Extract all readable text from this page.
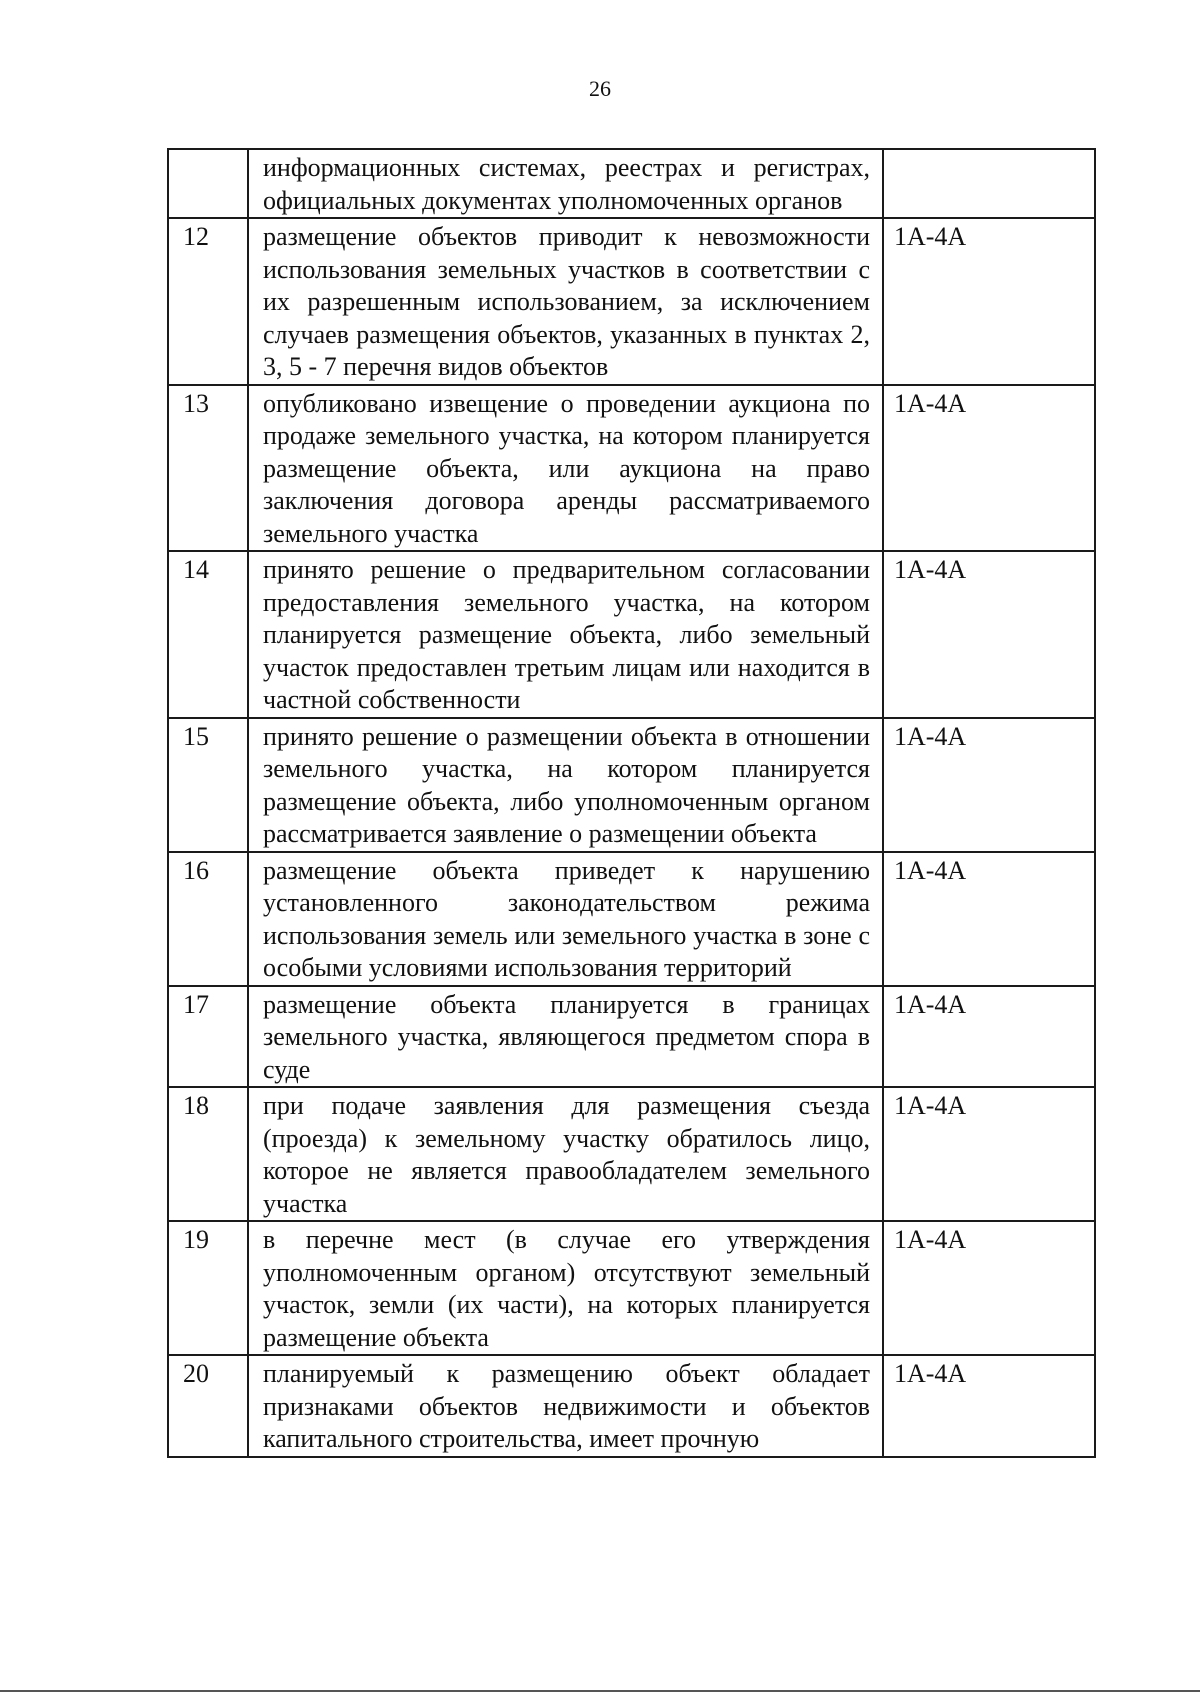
26
	информационных системах, реестрах и регистрах, официальных документах уполномоченных органов	
12	размещение объектов приводит к невозможности использования земельных участков в соответствии с их разрешенным использованием, за исключением случаев размещения объектов, указанных в пунктах 2, 3, 5 - 7 перечня видов объектов	1А-4А
13	опубликовано извещение о проведении аукциона по продаже земельного участка, на котором планируется размещение объекта, или аукциона на право заключения договора аренды рассматриваемого земельного участка	1А-4А
14	принято решение о предварительном согласовании предоставления земельного участка, на котором планируется размещение объекта, либо земельный участок предоставлен третьим лицам или находится в частной собственности	1А-4А
15	принято решение о размещении объекта в отношении земельного участка, на котором планируется размещение объекта, либо уполномоченным органом рассматривается заявление о размещении объекта	1А-4А
16	размещение объекта приведет к нарушению установленного законодательством режима использования земель или земельного участка в зоне с особыми условиями использования территорий	1А-4А
17	размещение объекта планируется в границах земельного участка, являющегося предметом спора в суде	1А-4А
18	при подаче заявления для размещения съезда (проезда) к земельному участку обратилось лицо, которое не является правообладателем земельного участка	1А-4А
19	в перечне мест (в случае его утверждения уполномоченным органом) отсутствуют земельный участок, земли (их части), на которых планируется размещение объекта	1А-4А
20	планируемый к размещению объект обладает признаками объектов недвижимости и объектов капитального строительства, имеет прочную	1А-4А
